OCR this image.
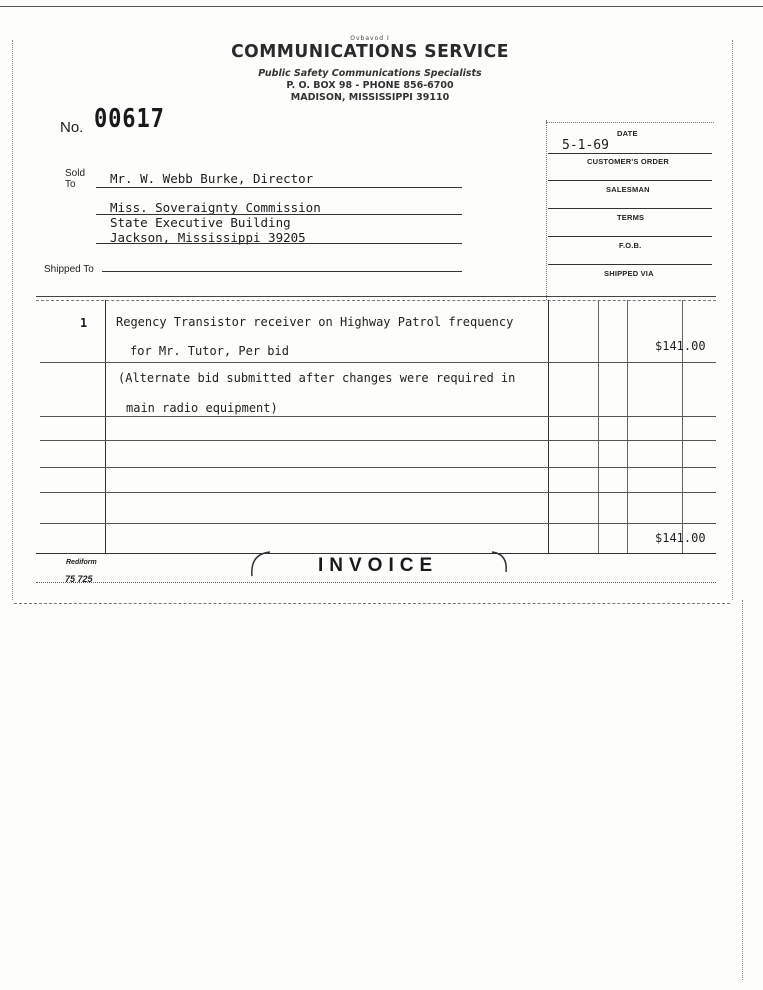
Ovbavod I
COMMUNICATIONS SERVICE
Public Safety Communications Specialists
P. O. BOX 98 - PHONE 856-6700
MADISON, MISSISSIPPI 39110
No. 00617
Sold
To	Mr. W. Webb Burke, Director
Miss. Soveraignty Commission
State Executive Building
Jackson, Mississippi 39205
Shipped To
DATE
5-1-69
CUSTOMER'S ORDER
SALESMAN
TERMS
F.O.B.
SHIPPED VIA
1 Regency Transistor receiver on Highway Patrol frequency
for Mr. Tutor, Per bid	$141.00
(Alternate bid submitted after changes were required in
main radio equipment)
$141.00
Rediform
75 725
INVOICE
